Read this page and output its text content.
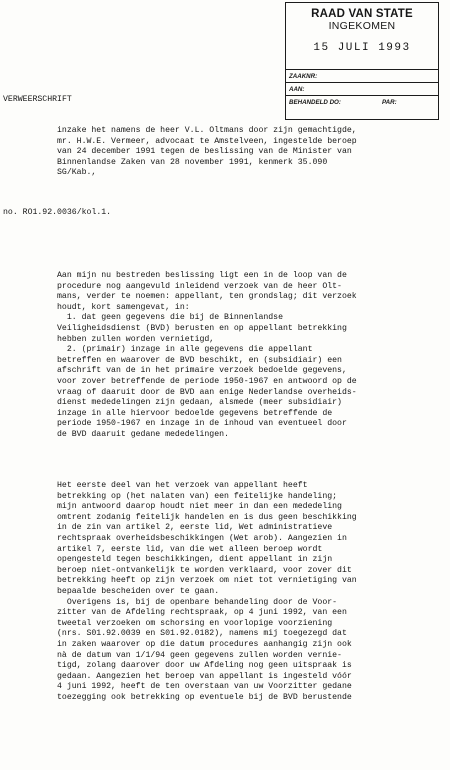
RAAD VAN STATE
INGEKOMEN
15 JULI 1993
ZAAKNR:
AAN:
BEHANDELD DO:	PAR:
VERWEERSCHRIFT
inzake het namens de heer V.L. Oltmans door zijn gemachtigde,
mr. H.W.E. Vermeer, advocaat te Amstelveen, ingestelde beroep
van 24 december 1991 tegen de beslissing van de Minister van
Binnenlandse Zaken van 28 november 1991, kenmerk 35.090
SG/Kab.,
no. RO1.92.0036/kol.1.
Aan mijn nu bestreden beslissing ligt een in de loop van de
procedure nog aangevuld inleidend verzoek van de heer Olt-
mans, verder te noemen: appellant, ten grondslag; dit verzoek
houdt, kort samengevat, in:
1. dat geen gegevens die bij de Binnenlandse
Veiligheidsdienst (BVD) berusten en op appellant betrekking
hebben zullen worden vernietigd,
2. (primair) inzage in alle gegevens die appellant
betreffen en waarover de BVD beschikt, en (subsidiair) een
afschrift van de in het primaire verzoek bedoelde gegevens,
voor zover betreffende de periode 1950-1967 en antwoord op de
vraag of daaruit door de BVD aan enige Nederlandse overheids-
dienst mededelingen zijn gedaan, alsmede (meer subsidiair)
inzage in alle hiervoor bedoelde gegevens betreffende de
periode 1950-1967 en inzage in de inhoud van eventueel door
de BVD daaruit gedane mededelingen.
Het eerste deel van het verzoek van appellant heeft
betrekking op (het nalaten van) een feitelijke handeling;
mijn antwoord daarop houdt niet meer in dan een mededeling
omtrent zodanig feitelijk handelen en is dus geen beschikking
in de zin van artikel 2, eerste lid, Wet administratieve
rechtspraak overheidsbeschikkingen (Wet arob). Aangezien in
artikel 7, eerste lid, van die wet alleen beroep wordt
opengesteld tegen beschikkingen, dient appellant in zijn
beroep niet-ontvankelijk te worden verklaard, voor zover dit
betrekking heeft op zijn verzoek om niet tot vernietiging van
bepaalde bescheiden over te gaan.
Overigens is, bij de openbare behandeling door de Voor-
zitter van de Afdeling rechtspraak, op 4 juni 1992, van een
tweetal verzoeken om schorsing en voorlopige voorziening
(nrs. S01.92.0039 en S01.92.0182), namens mij toegezegd dat
in zaken waarover op die datum procedures aanhangig zijn ook
nà de datum van 1/1/94 geen gegevens zullen worden vernie-
tigd, zolang daarover door uw Afdeling nog geen uitspraak is
gedaan. Aangezien het beroep van appellant is ingesteld vóór
4 juni 1992, heeft de ten overstaan van uw Voorzitter gedane
toezegging ook betrekking op eventuele bij de BVD berustende
